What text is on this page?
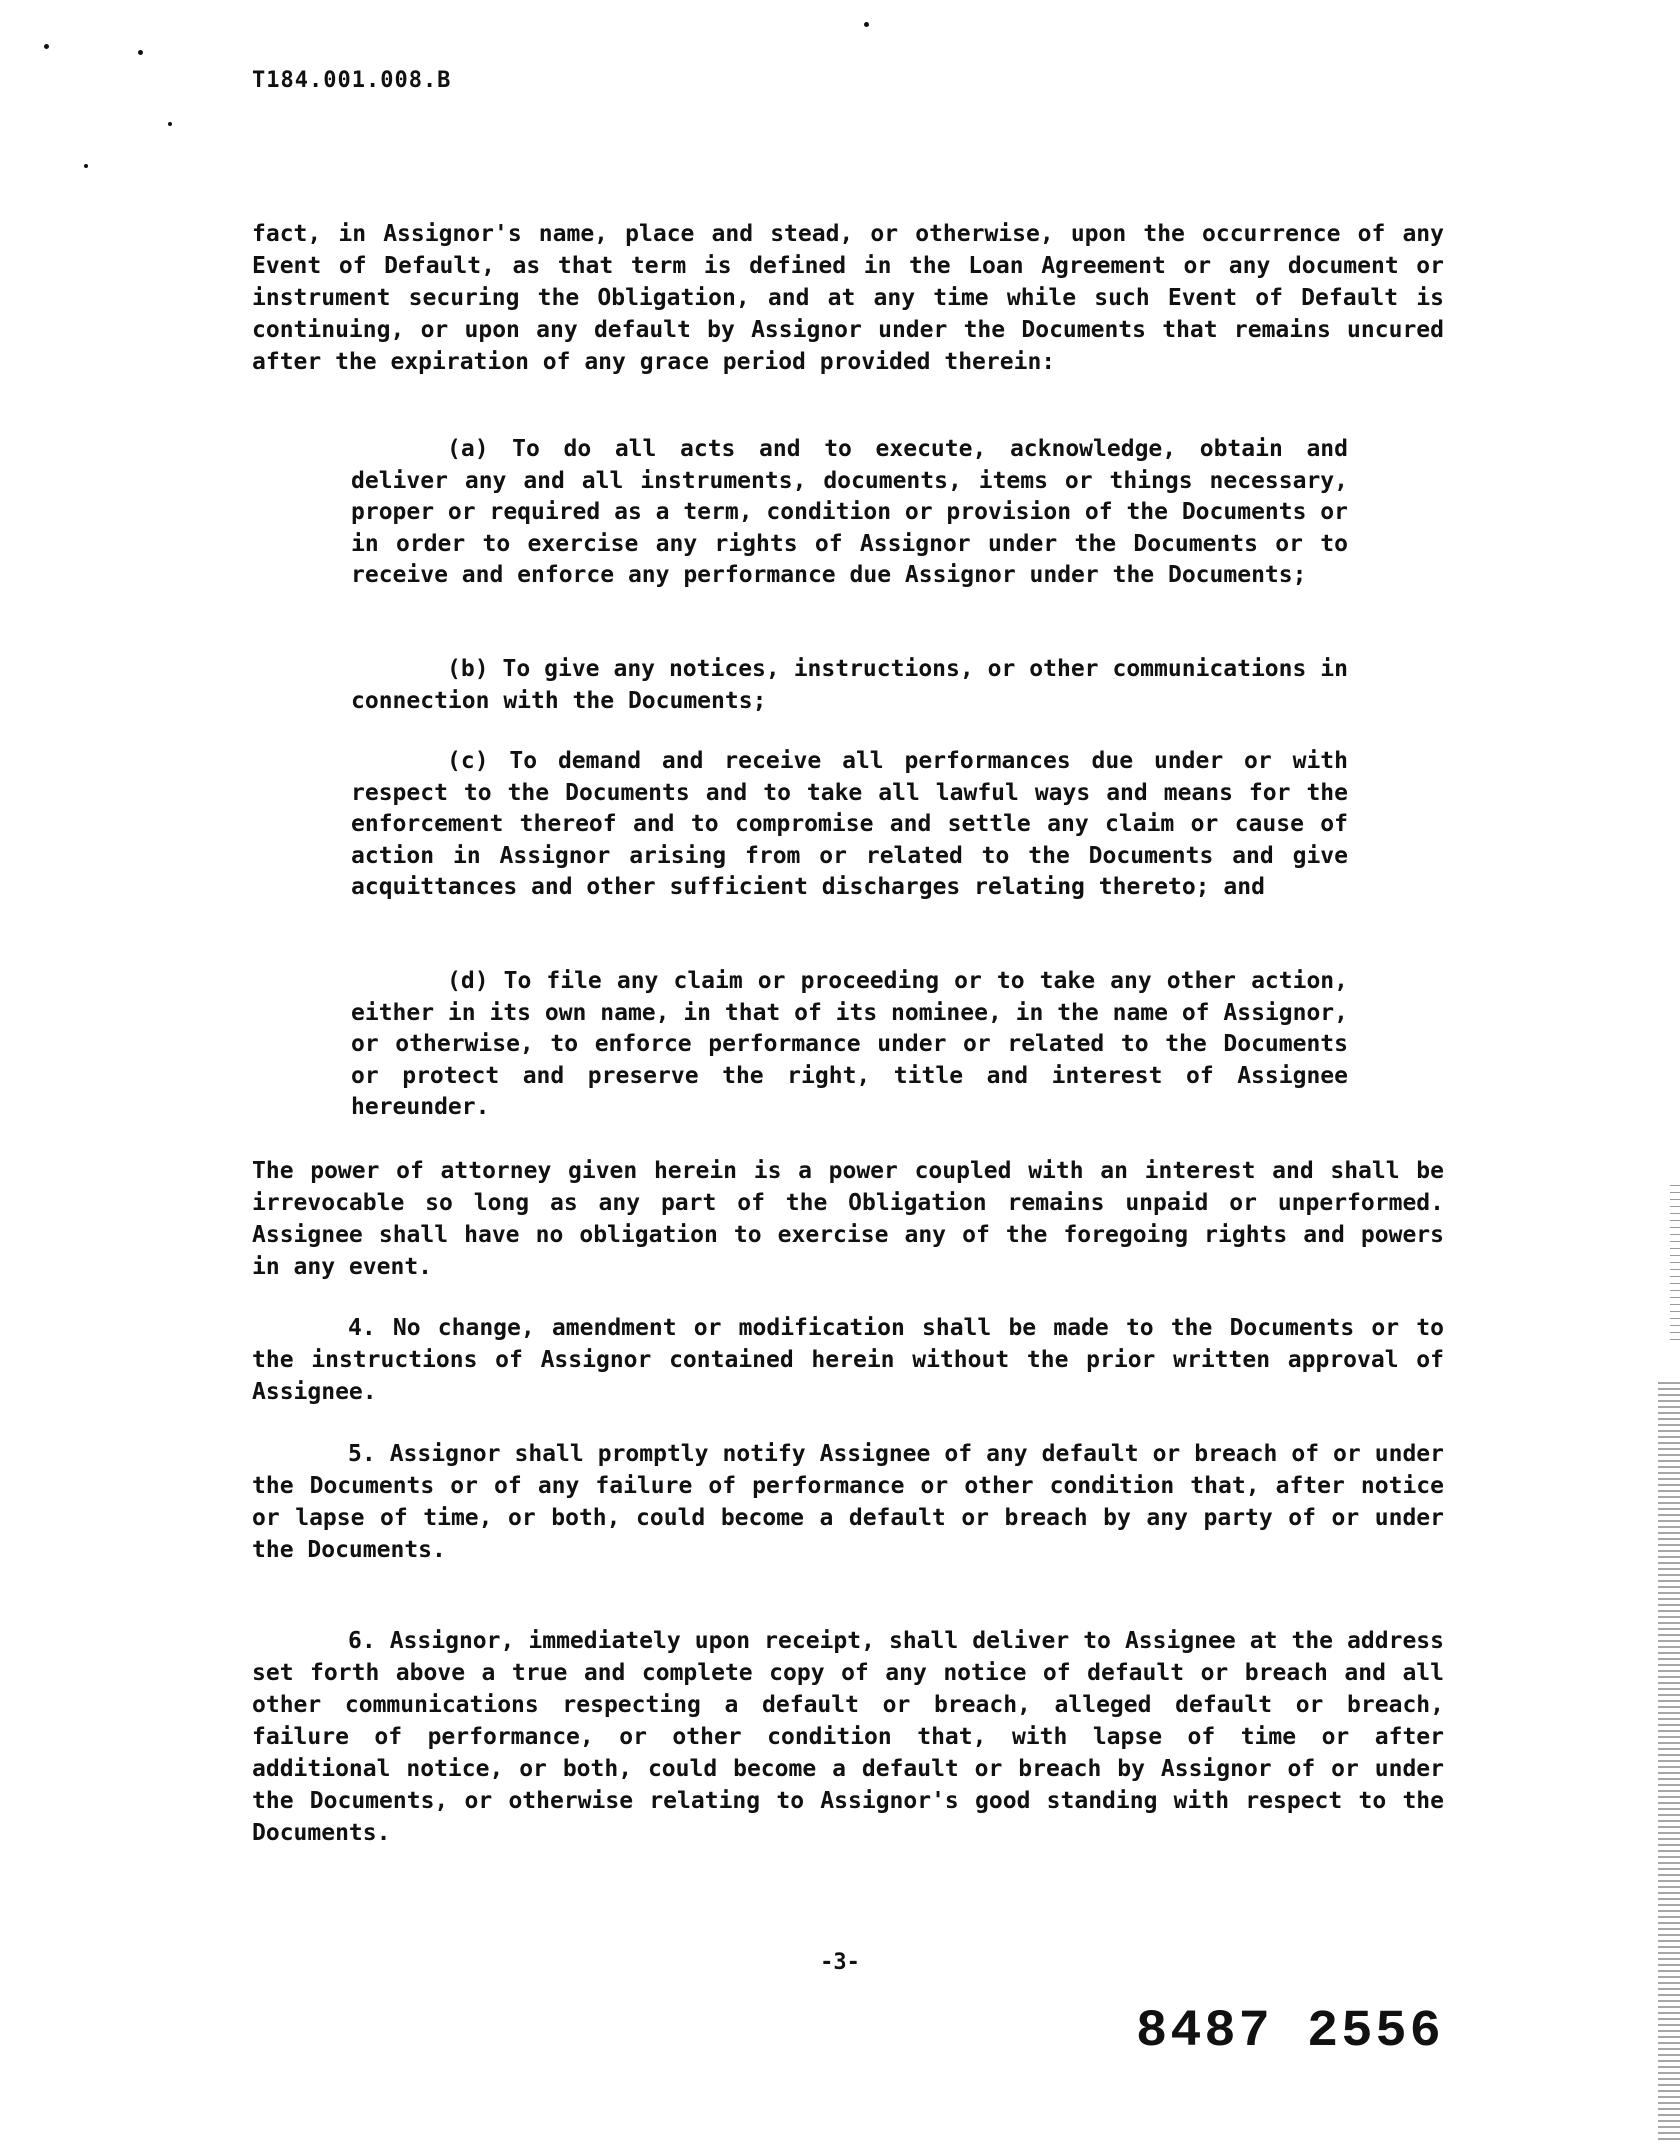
T184.001.008.B

fact, in Assignor's name, place and stead, or otherwise, upon the occurrence of any Event of Default, as that term is defined in the Loan Agreement or any document or instrument securing the Obligation, and at any time while such Event of Default is continuing, or upon any default by Assignor under the Documents that remains uncured after the expiration of any grace period provided therein:

(a) To do all acts and to execute, acknowledge, obtain and deliver any and all instruments, documents, items or things necessary, proper or required as a term, condition or provision of the Documents or in order to exercise any rights of Assignor under the Documents or to receive and enforce any performance due Assignor under the Documents;

(b) To give any notices, instructions, or other communications in connection with the Documents;

(c) To demand and receive all performances due under or with respect to the Documents and to take all lawful ways and means for the enforcement thereof and to compromise and settle any claim or cause of action in Assignor arising from or related to the Documents and give acquittances and other sufficient discharges relating thereto; and

(d) To file any claim or proceeding or to take any other action, either in its own name, in that of its nominee, in the name of Assignor, or otherwise, to enforce performance under or related to the Documents or protect and preserve the right, title and interest of Assignee hereunder.

The power of attorney given herein is a power coupled with an interest and shall be irrevocable so long as any part of the Obligation remains unpaid or unperformed. Assignee shall have no obligation to exercise any of the foregoing rights and powers in any event.

4. No change, amendment or modification shall be made to the Documents or to the instructions of Assignor contained herein without the prior written approval of Assignee.

5. Assignor shall promptly notify Assignee of any default or breach of or under the Documents or of any failure of performance or other condition that, after notice or lapse of time, or both, could become a default or breach by any party of or under the Documents.

6. Assignor, immediately upon receipt, shall deliver to Assignee at the address set forth above a true and complete copy of any notice of default or breach and all other communications respecting a default or breach, alleged default or breach, failure of performance, or other condition that, with lapse of time or after additional notice, or both, could become a default or breach by Assignor of or under the Documents, or otherwise relating to Assignor's good standing with respect to the Documents.

-3-
8487 2556
